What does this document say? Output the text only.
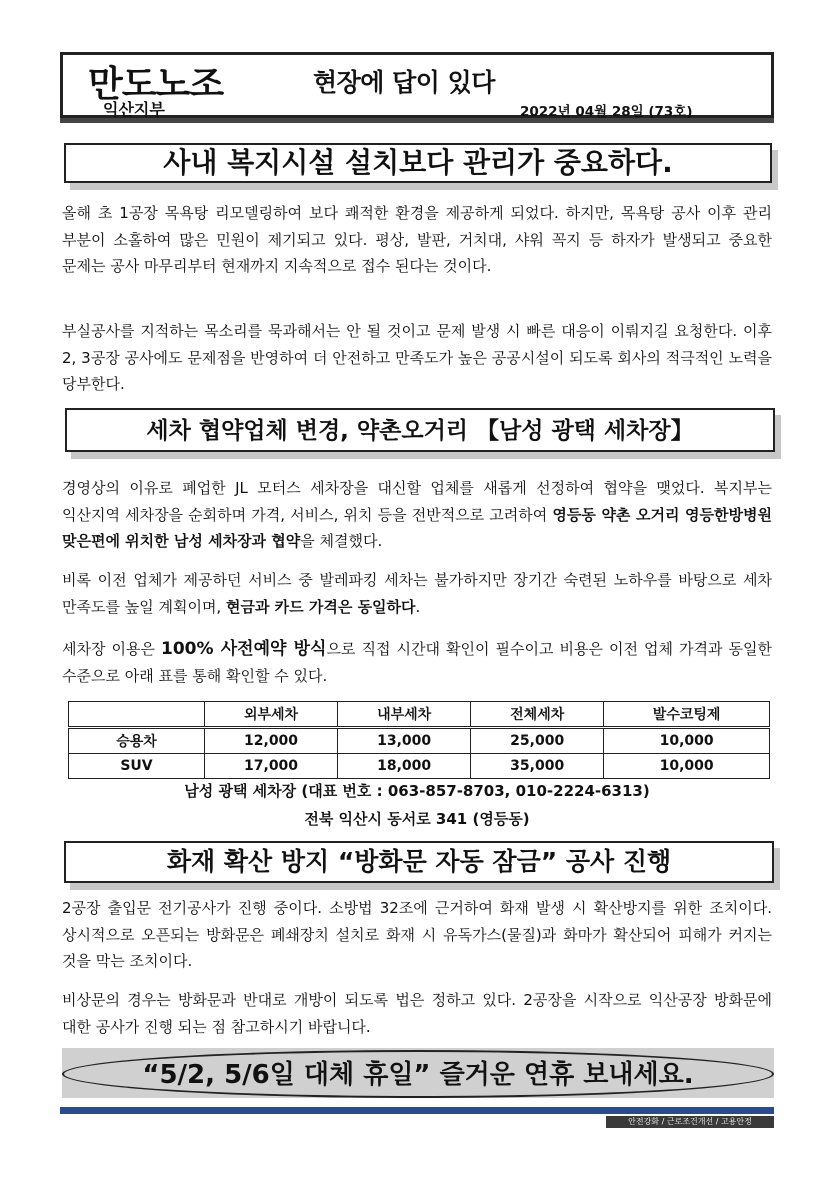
만도노조
익산지부
현장에 답이 있다
2022년 04월 28일 (73호)
사내 복지시설 설치보다 관리가 중요하다.
올해 초 1공장 목욕탕 리모델링하여 보다 쾌적한 환경을 제공하게 되었다. 하지만, 목욕탕 공사 이후 관리 부분이 소홀하여 많은 민원이 제기되고 있다. 평상, 발판, 거치대, 샤워 꼭지 등 하자가 발생되고 중요한 문제는 공사 마무리부터 현재까지 지속적으로 접수 된다는 것이다.
부실공사를 지적하는 목소리를 묵과해서는 안 될 것이고 문제 발생 시 빠른 대응이 이뤄지길 요청한다. 이후 2, 3공장 공사에도 문제점을 반영하여 더 안전하고 만족도가 높은 공공시설이 되도록 회사의 적극적인 노력을 당부한다.
세차 협약업체 변경, 약촌오거리 【남성 광택 세차장】
경영상의 이유로 폐업한 JL 모터스 세차장을 대신할 업체를 새롭게 선정하여 협약을 맺었다. 복지부는 익산지역 세차장을 순회하며 가격, 서비스, 위치 등을 전반적으로 고려하여 영등동 약촌 오거리 영등한방병원 맞은편에 위치한 남성 세차장과 협약을 체결했다.
비록 이전 업체가 제공하던 서비스 중 발레파킹 세차는 불가하지만 장기간 숙련된 노하우를 바탕으로 세차 만족도를 높일 계획이며, 현금과 카드 가격은 동일하다.
세차장 이용은 100% 사전예약 방식으로 직접 시간대 확인이 필수이고 비용은 이전 업체 가격과 동일한 수준으로 아래 표를 통해 확인할 수 있다.
	외부세차	내부세차	전체세차	발수코팅제
승용차	12,000	13,000	25,000	10,000
SUV	17,000	18,000	35,000	10,000
남성 광택 세차장 (대표 번호 : 063-857-8703, 010-2224-6313)
전북 익산시 동서로 341 (영등동)
화재 확산 방지 “방화문 자동 잠금” 공사 진행
2공장 출입문 전기공사가 진행 중이다. 소방법 32조에 근거하여 화재 발생 시 확산방지를 위한 조치이다. 상시적으로 오픈되는 방화문은 폐쇄장치 설치로 화재 시 유독가스(물질)과 화마가 확산되어 피해가 커지는 것을 막는 조치이다.
비상문의 경우는 방화문과 반대로 개방이 되도록 법은 정하고 있다. 2공장을 시작으로 익산공장 방화문에 대한 공사가 진행 되는 점 참고하시기 바랍니다.
“5/2, 5/6일 대체 휴일” 즐거운 연휴 보내세요.
안전강화 / 근로조건개선 / 고용안정
